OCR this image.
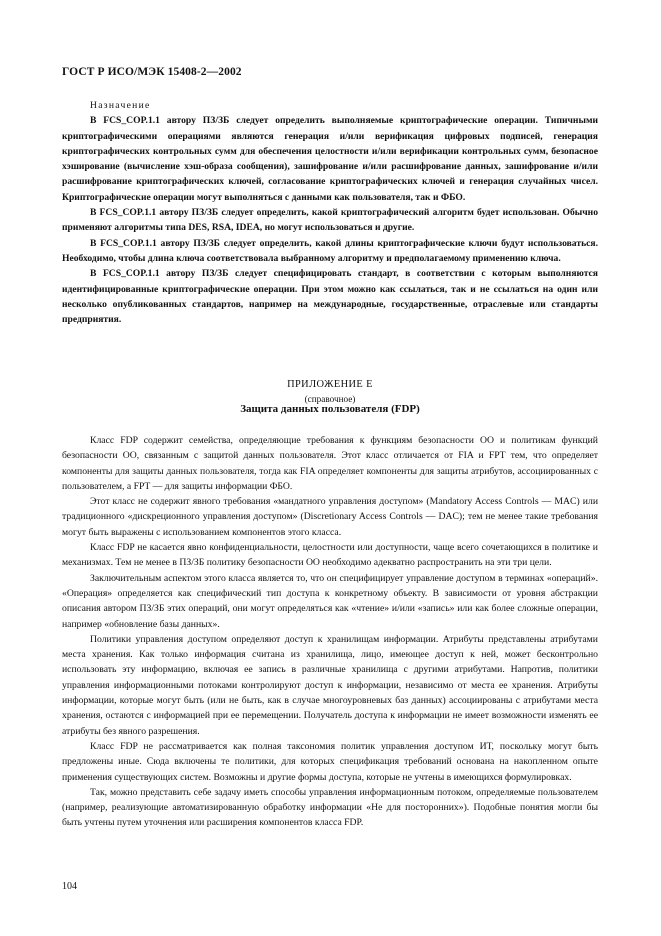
ГОСТ Р ИСО/МЭК 15408-2—2002

Назначение

В FCS_COP.1.1 автору ПЗ/ЗБ следует определить выполняемые криптографические операции. Типичными криптографическими операциями являются генерация и/или верификация цифровых подписей, генерация криптографических контрольных сумм для обеспечения целостности и/или верификации контрольных сумм, безопасное хэширование (вычисление хэш-образа сообщения), зашифрование и/или расшифрование данных, зашифрование и/или расшифрование криптографических ключей, согласование криптографических ключей и генерация случайных чисел. Криптографические операции могут выполняться с данными как пользователя, так и ФБО.

В FCS_COP.1.1 автору ПЗ/ЗБ следует определить, какой криптографический алгоритм будет использован. Обычно применяют алгоритмы типа DES, RSA, IDEA, но могут использоваться и другие.

В FCS_COP.1.1 автору ПЗ/ЗБ следует определить, какой длины криптографические ключи будут использоваться. Необходимо, чтобы длина ключа соответствовала выбранному алгоритму и предполагаемому применению ключа.

В FCS_COP.1.1 автору ПЗ/ЗБ следует специфицировать стандарт, в соответствии с которым выполняются идентифицированные криптографические операции. При этом можно как ссылаться, так и не ссылаться на один или несколько опубликованных стандартов, например на международные, государственные, отраслевые или стандарты предприятия.

ПРИЛОЖЕНИЕ Е
(справочное)
Защита данных пользователя (FDP)

Класс FDP содержит семейства, определяющие требования к функциям безопасности ОО и политикам функций безопасности ОО, связанным с защитой данных пользователя. Этот класс отличается от FIA и FPT тем, что определяет компоненты для защиты данных пользователя, тогда как FIA определяет компоненты для защиты атрибутов, ассоциированных с пользователем, а FPT — для защиты информации ФБО.

Этот класс не содержит явного требования «мандатного управления доступом» (Mandatory Access Controls — MAC) или традиционного «дискреционного управления доступом» (Discretionary Access Controls — DAC); тем не менее такие требования могут быть выражены с использованием компонентов этого класса.

Класс FDP не касается явно конфиденциальности, целостности или доступности, чаще всего сочетающихся в политике и механизмах. Тем не менее в ПЗ/ЗБ политику безопасности ОО необходимо адекватно распространить на эти три цели.

Заключительным аспектом этого класса является то, что он специфицирует управление доступом в терминах «операций». «Операция» определяется как специфический тип доступа к конкретному объекту. В зависимости от уровня абстракции описания автором ПЗ/ЗБ этих операций, они могут определяться как «чтение» и/или «запись» или как более сложные операции, например «обновление базы данных».

Политики управления доступом определяют доступ к хранилищам информации. Атрибуты представлены атрибутами места хранения. Как только информация считана из хранилища, лицо, имеющее доступ к ней, может бесконтрольно использовать эту информацию, включая ее запись в различные хранилища с другими атрибутами. Напротив, политики управления информационными потоками контролируют доступ к информации, независимо от места ее хранения. Атрибуты информации, которые могут быть (или не быть, как в случае многоуровневых баз данных) ассоциированы с атрибутами места хранения, остаются с информацией при ее перемещении. Получатель доступа к информации не имеет возможности изменять ее атрибуты без явного разрешения.

Класс FDP не рассматривается как полная таксономия политик управления доступом ИТ, поскольку могут быть предложены иные. Сюда включены те политики, для которых спецификация требований основана на накопленном опыте применения существующих систем. Возможны и другие формы доступа, которые не учтены в имеющихся формулировках.

Так, можно представить себе задачу иметь способы управления информационным потоком, определяемые пользователем (например, реализующие автоматизированную обработку информации «Не для посторонних»). Подобные понятия могли бы быть учтены путем уточнения или расширения компонентов класса FDP.

104
